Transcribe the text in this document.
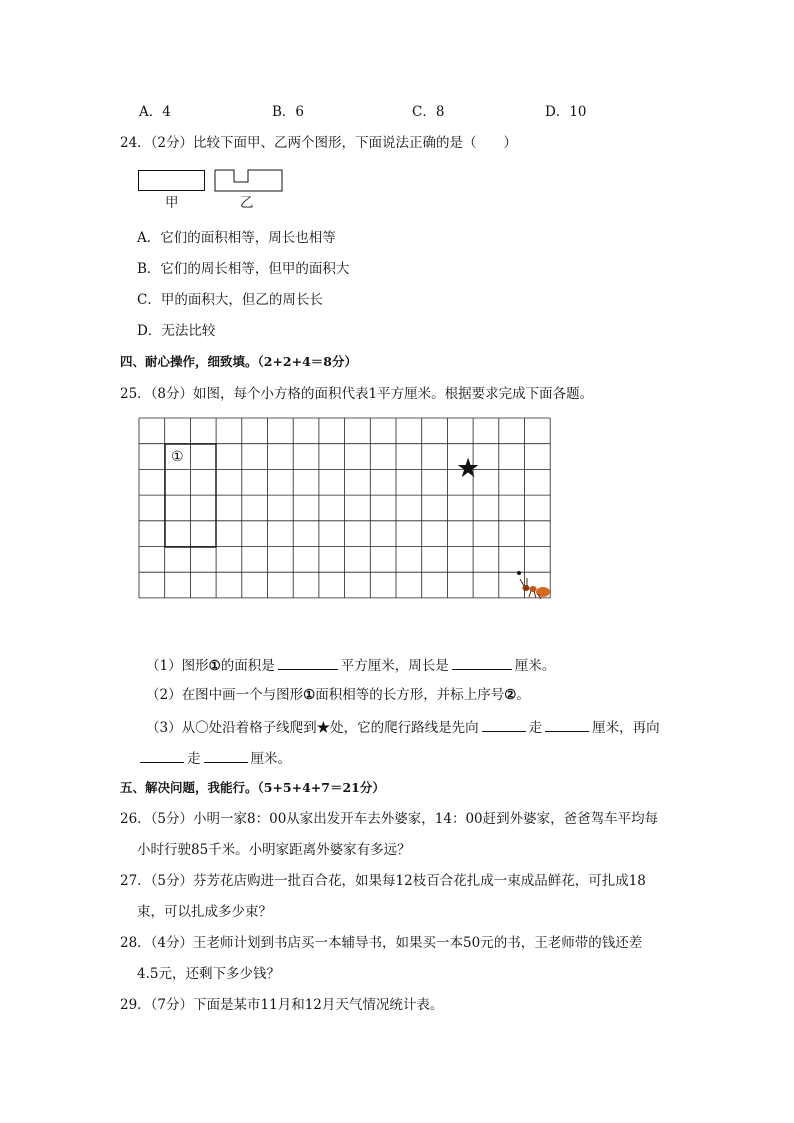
A．4	B．6	C．8	D．10
24．（2分）比较下面甲、乙两个图形，下面说法正确的是（　　）
甲	乙
A．它们的面积相等，周长也相等
B．它们的周长相等，但甲的面积大
C．甲的面积大，但乙的周长长
D．无法比较
四、耐心操作，细致填。（2+2+4＝8分）
25．（8分）如图，每个小方格的面积代表1平方厘米。根据要求完成下面各题。
①	★
（1）图形①的面积是	平方厘米，周长是	厘米。
（2）在图中画一个与图形①面积相等的长方形，并标上序号②。
（3）从〇处沿着格子线爬到★处，它的爬行路线是先向	走	厘米，再向
走	厘米。
五、解决问题，我能行。（5+5+4+7＝21分）
26．（5分）小明一家8：00从家出发开车去外婆家，14：00赶到外婆家，爸爸驾车平均每
小时行驶85千米。小明家距离外婆家有多远？
27．（5分）芬芳花店购进一批百合花，如果每12枝百合花扎成一束成品鲜花，可扎成18
束，可以扎成多少束？
28．（4分）王老师计划到书店买一本辅导书，如果买一本50元的书，王老师带的钱还差
4.5元，还剩下多少钱？
29．（7分）下面是某市11月和12月天气情况统计表。
